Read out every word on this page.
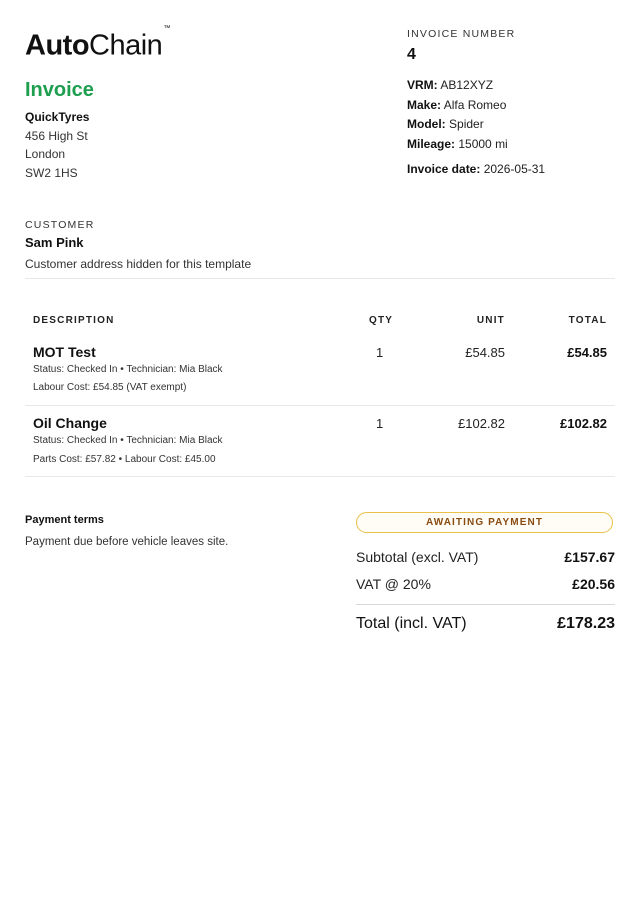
AutoChain™
Invoice
QuickTyres
456 High St
London
SW2 1HS
INVOICE NUMBER
4
VRM: AB12XYZ
Make: Alfa Romeo
Model: Spider
Mileage: 15000 mi
Invoice date: 2026-05-31
CUSTOMER
Sam Pink
Customer address hidden for this template
DESCRIPTION	QTY	UNIT	TOTAL
MOT Test
Status: Checked In • Technician: Mia Black
Labour Cost: £54.85 (VAT exempt)
1	£54.85	£54.85
Oil Change
Status: Checked In • Technician: Mia Black
Parts Cost: £57.82 • Labour Cost: £45.00
1	£102.82	£102.82
Payment terms
Payment due before vehicle leaves site.
AWAITING PAYMENT
Subtotal (excl. VAT)	£157.67
VAT @ 20%	£20.56
Total (incl. VAT)	£178.23
